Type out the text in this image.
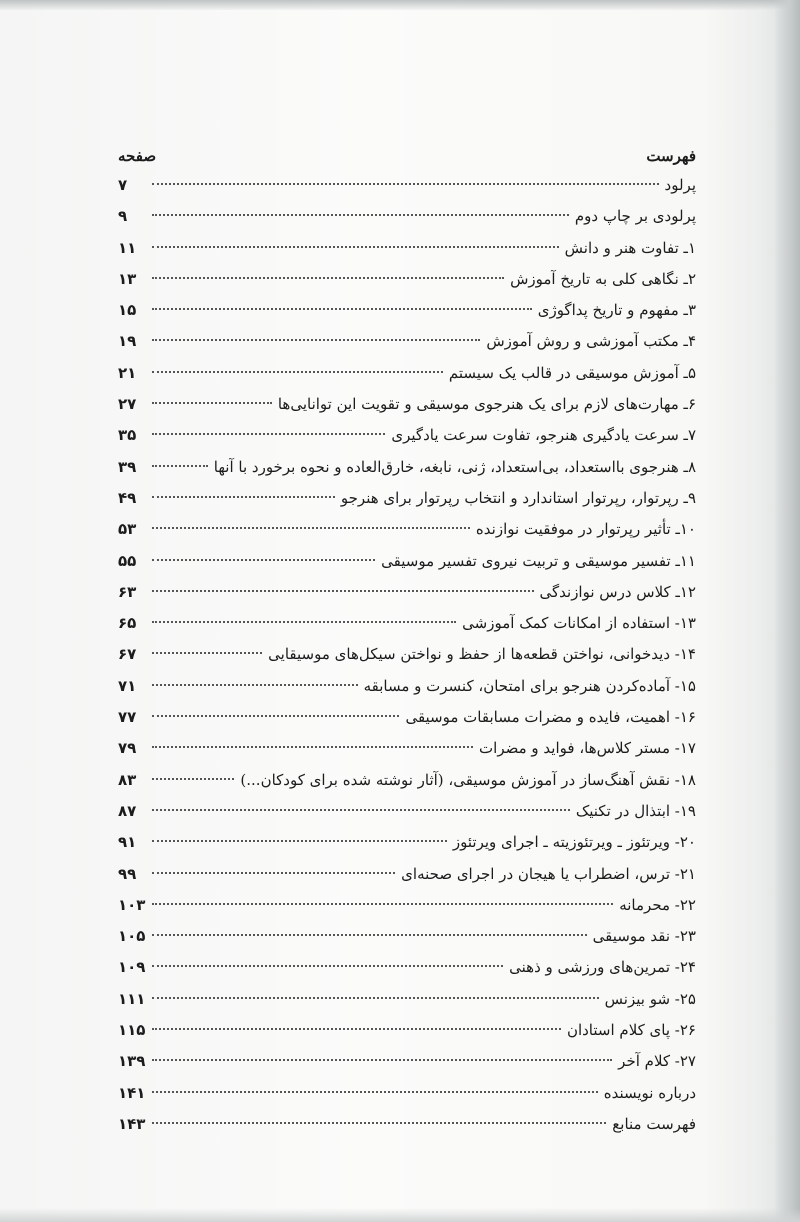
فهرست
صفحه
پرلود
۷
پرلودی بر چاپ دوم
۹
۱ـ تفاوت هنر و دانش
۱۱
۲ـ نگاهی کلی به تاریخ آموزش
۱۳
۳ـ مفهوم و تاریخ پداگوژی
۱۵
۴ـ مکتب آموزشی و روش آموزش
۱۹
۵ـ آموزش موسیقی در قالب یک سیستم
۲۱
۶ـ مهارت‌های لازم برای یک هنرجوی موسیقی و تقویت این توانایی‌ها
۲۷
۷ـ سرعت یادگیری هنرجو، تفاوت سرعت یادگیری
۳۵
۸ـ هنرجوی بااستعداد، بی‌استعداد، ژنی، نابغه، خارق‌العاده و نحوه برخورد با آنها
۳۹
۹ـ رپرتوار، رپرتوار استاندارد و انتخاب رپرتوار برای هنرجو
۴۹
۱۰ـ تأثیر رپرتوار در موفقیت نوازنده
۵۳
۱۱ـ تفسیر موسیقی و تربیت نیروی تفسیر موسیقی
۵۵
۱۲ـ کلاس درس نوازندگی
۶۳
۱۳- استفاده از امکانات کمک آموزشی
۶۵
۱۴- دیدخوانی، نواختن قطعه‌ها از حفظ و نواختن سیکل‌های موسیقایی
۶۷
۱۵- آماده‌کردن هنرجو برای امتحان، کنسرت و مسابقه
۷۱
۱۶- اهمیت، فایده و مضرات مسابقات موسیقی
۷۷
۱۷- مستر کلاس‌ها، فواید و مضرات
۷۹
۱۸- نقش آهنگ‌ساز در آموزش موسیقی، (آثار نوشته شده برای کودکان...)
۸۳
۱۹- ابتذال در تکنیک
۸۷
۲۰- ویرتئوز ـ ویرتئوزیته ـ اجرای ویرتئوز
۹۱
۲۱- ترس، اضطراب یا هیجان در اجرای صحنه‌ای
۹۹
۲۲- محرمانه
۱۰۳
۲۳- نقد موسیقی
۱۰۵
۲۴- تمرین‌های ورزشی و ذهنی
۱۰۹
۲۵- شو بیزنس
۱۱۱
۲۶- پای کلام استادان
۱۱۵
۲۷- کلام آخر
۱۳۹
درباره نویسنده
۱۴۱
فهرست منابع
۱۴۳
